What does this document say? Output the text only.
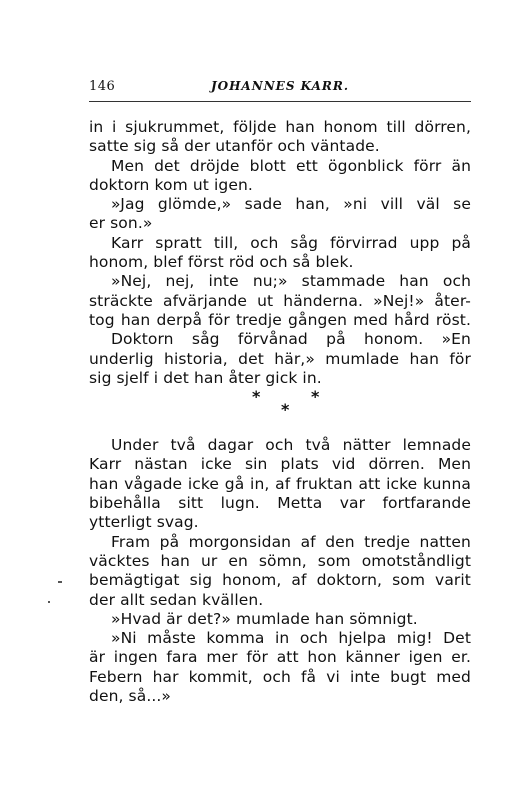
146	JOHANNES KARR.
in i sjukrummet, följde han honom till dörren,
satte sig så der utanför och väntade.
Men det dröjde blott ett ögonblick förr än
doktorn kom ut igen.
»Jag glömde,» sade han, »ni vill väl se
er son.»
Karr spratt till, och såg förvirrad upp på
honom, blef först röd och så blek.
»Nej, nej, inte nu;» stammade han och
sträckte afvärjande ut händerna. »Nej!» åter-
tog han derpå för tredje gången med hård röst.
Doktorn såg förvånad på honom. »En
underlig historia, det här,» mumlade han för
sig sjelf i det han åter gick in.
*	*
*
Under två dagar och två nätter lemnade
Karr nästan icke sin plats vid dörren. Men
han vågade icke gå in, af fruktan att icke kunna
bibehålla sitt lugn. Metta var fortfarande
ytterligt svag.
Fram på morgonsidan af den tredje natten
väcktes han ur en sömn, som omotståndligt
bemägtigat sig honom, af doktorn, som varit
der allt sedan kvällen.
»Hvad är det?» mumlade han sömnigt.
»Ni måste komma in och hjelpa mig! Det
är ingen fara mer för att hon känner igen er.
Febern har kommit, och få vi inte bugt med
den, så...»
